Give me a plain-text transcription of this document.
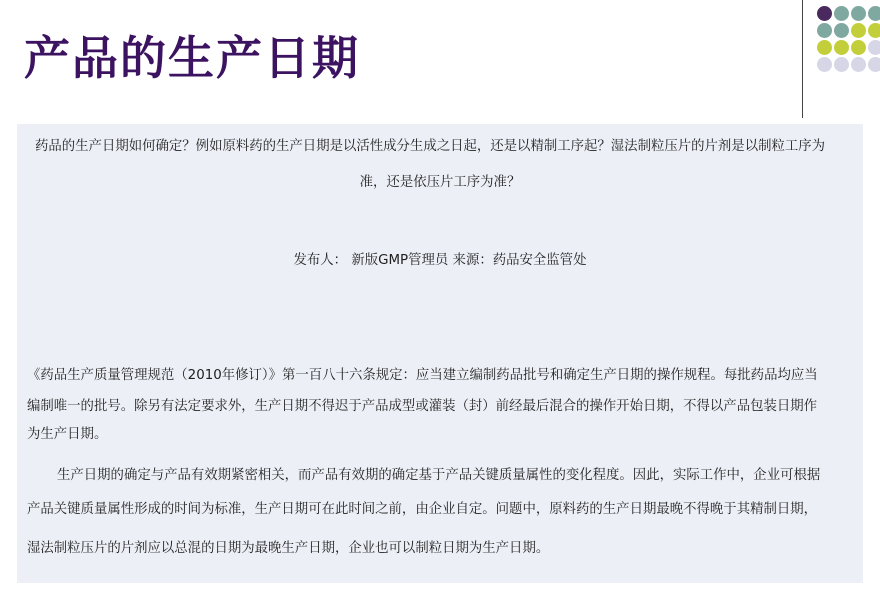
产品的生产日期

药品的生产日期如何确定？例如原料药的生产日期是以活性成分生成之日起，还是以精制工序起？湿法制粒压片的片剂是以制粒工序为

准，还是依压片工序为准？

发布人： 新版GMP管理员 来源：药品安全监管处

《药品生产质量管理规范（2010年修订）》第一百八十六条规定：应当建立编制药品批号和确定生产日期的操作规程。每批药品均应当

编制唯一的批号。除另有法定要求外，生产日期不得迟于产品成型或灌装（封）前经最后混合的操作开始日期，不得以产品包装日期作

为生产日期。

生产日期的确定与产品有效期紧密相关，而产品有效期的确定基于产品关键质量属性的变化程度。因此，实际工作中，企业可根据

产品关键质量属性形成的时间为标准，生产日期可在此时间之前，由企业自定。问题中，原料药的生产日期最晚不得晚于其精制日期，

湿法制粒压片的片剂应以总混的日期为最晚生产日期，企业也可以制粒日期为生产日期。
